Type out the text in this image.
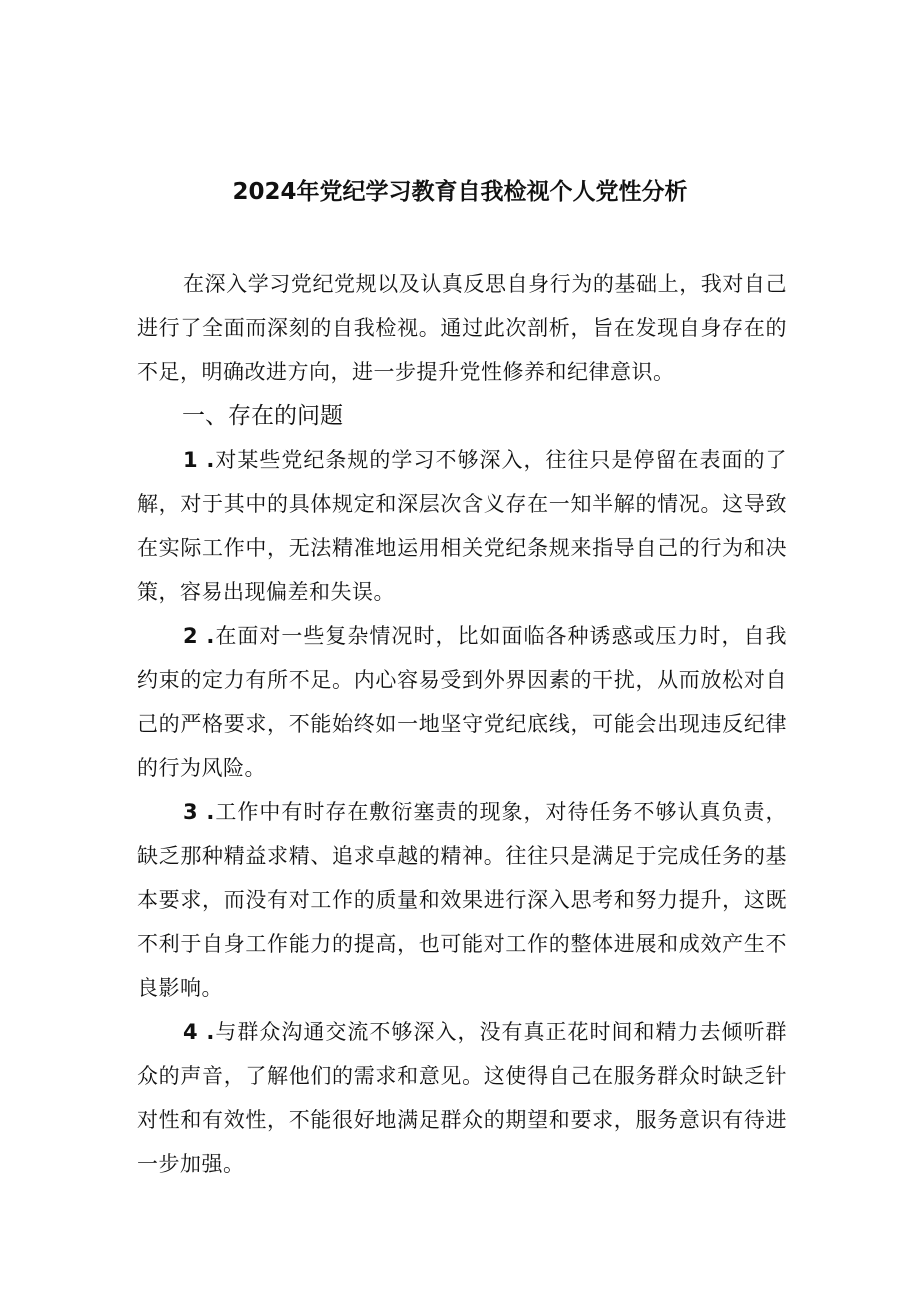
2024年党纪学习教育自我检视个人党性分析
在深入学习党纪党规以及认真反思自身行为的基础上，我对自己进行了全面而深刻的自我检视。通过此次剖析，旨在发现自身存在的不足，明确改进方向，进一步提升党性修养和纪律意识。
一、存在的问题
1 .对某些党纪条规的学习不够深入，往往只是停留在表面的了解，对于其中的具体规定和深层次含义存在一知半解的情况。这导致在实际工作中，无法精准地运用相关党纪条规来指导自己的行为和决策，容易出现偏差和失误。
2 .在面对一些复杂情况时，比如面临各种诱惑或压力时，自我约束的定力有所不足。内心容易受到外界因素的干扰，从而放松对自己的严格要求，不能始终如一地坚守党纪底线，可能会出现违反纪律的行为风险。
3 .工作中有时存在敷衍塞责的现象，对待任务不够认真负责，缺乏那种精益求精、追求卓越的精神。往往只是满足于完成任务的基本要求，而没有对工作的质量和效果进行深入思考和努力提升，这既不利于自身工作能力的提高，也可能对工作的整体进展和成效产生不良影响。
4 .与群众沟通交流不够深入，没有真正花时间和精力去倾听群众的声音，了解他们的需求和意见。这使得自己在服务群众时缺乏针对性和有效性，不能很好地满足群众的期望和要求，服务意识有待进一步加强。
